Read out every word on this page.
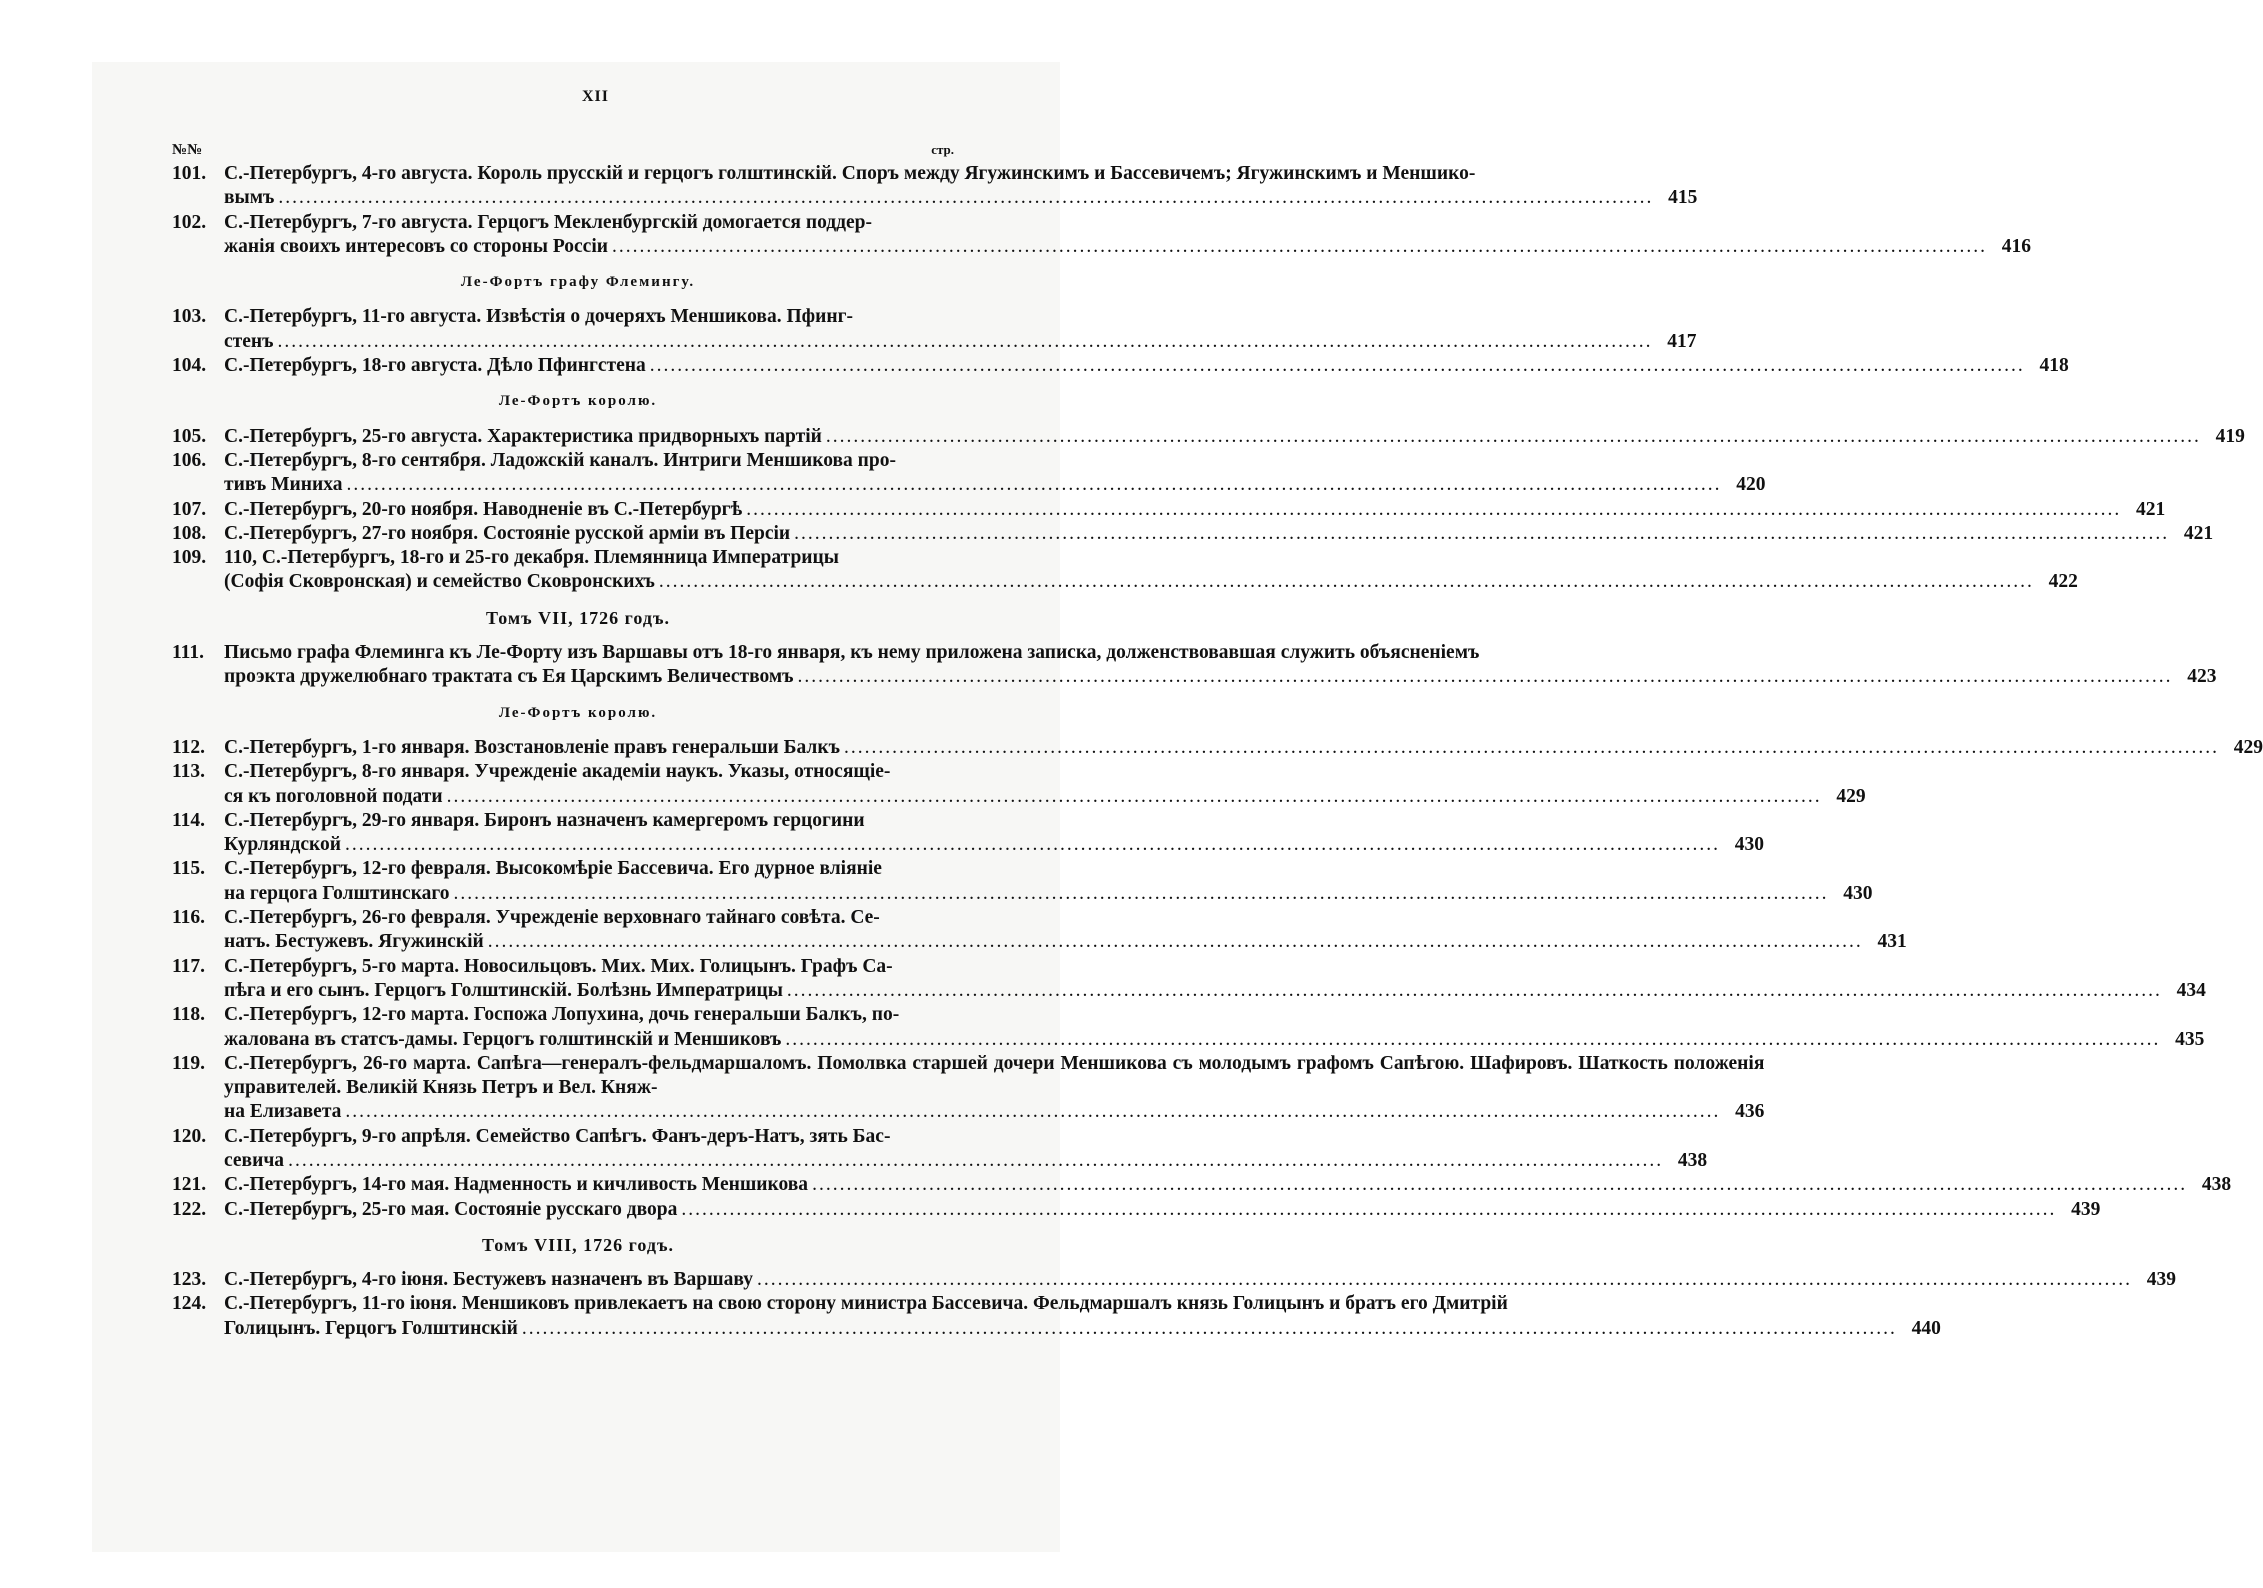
XII
№№	стр.
101. С.-Петербургъ, 4-го августа. Король прусскій и герцогъ голштинскій. Споръ между Ягужинскимъ и Бассевичемъ; Ягужинскимъ и Меншико-
вымъ ........................................................................................................................................................................................................ 415
102. С.-Петербургъ, 7-го августа. Герцогъ Мекленбургскій домогается поддер-
жанія своихъ интересовъ со стороны Россіи ........................................................................................................................................................................................................ 416
Ле-Фортъ графу Флемингу.
103. С.-Петербургъ, 11-го августа. Извѣстія о дочеряхъ Меншикова. Пфинг-
стенъ ........................................................................................................................................................................................................ 417
104. С.-Петербургъ, 18-го августа. Дѣло Пфингстена ........................................................................................................................................................................................................ 418
Ле-Фортъ королю.
105. С.-Петербургъ, 25-го августа. Характеристика придворныхъ партій ........................................................................................................................................................................................................ 419
106. С.-Петербургъ, 8-го сентября. Ладожскій каналъ. Интриги Меншикова про-
тивъ Миниха ........................................................................................................................................................................................................ 420
107. С.-Петербургъ, 20-го ноября. Наводненіе въ С.-Петербургѣ ........................................................................................................................................................................................................ 421
108. С.-Петербургъ, 27-го ноября. Состояніе русской арміи въ Персіи ........................................................................................................................................................................................................ 421
109. 110, С.-Петербургъ, 18-го и 25-го декабря. Племянница Императрицы
(Софія Сковронская) и семейство Сковронскихъ ........................................................................................................................................................................................................ 422
Томъ VII, 1726 годъ.
111.	Письмо графа Флеминга къ Ле-Форту изъ Варшавы отъ 18-го января, къ нему приложена записка, долженствовавшая служить объясненіемъ
проэкта дружелюбнаго трактата съ Ея Царскимъ Величествомъ ........................................................................................................................................................................................................ 423
Ле-Фортъ королю.
112. С.-Петербургъ, 1-го января. Возстановленіе правъ генеральши Балкъ ........................................................................................................................................................................................................ 429
113. С.-Петербургъ, 8-го января. Учрежденіе академіи наукъ. Указы, относящіе-
ся къ поголовной подати ........................................................................................................................................................................................................ 429
114. С.-Петербургъ, 29-го января. Биронъ назначенъ камергеромъ герцогини
Курляндской ........................................................................................................................................................................................................ 430
115. С.-Петербургъ, 12-го февраля. Высокомѣріе Бассевича. Его дурное вліяніе
на герцога Голштинскаго ........................................................................................................................................................................................................ 430
116. С.-Петербургъ, 26-го февраля. Учрежденіе верховнаго тайнаго совѣта. Се-
натъ. Бестужевъ. Ягужинскій ........................................................................................................................................................................................................ 431
117. С.-Петербургъ, 5-го марта. Новосильцовъ. Мих. Мих. Голицынъ. Графъ Са-
пѣга и его сынъ. Герцогъ Голштинскій. Болѣзнь Императрицы ........................................................................................................................................................................................................ 434
118. С.-Петербургъ, 12-го марта. Госпожа Лопухина, дочь генеральши Балкъ, по-
жалована въ статсъ-дамы. Герцогъ голштинскій и Меншиковъ ........................................................................................................................................................................................................ 435
119. С.-Петербургъ, 26-го марта. Сапѣга—генералъ-фельдмаршаломъ. Помолвка старшей дочери Меншикова съ молодымъ графомъ Сапѣгою. Шафировъ. Шаткость положенія управителей. Великій Князь Петръ и Вел. Княж-
на Елизавета ........................................................................................................................................................................................................ 436
120. С.-Петербургъ, 9-го апрѣля. Семейство Сапѣгъ. Фанъ-деръ-Натъ, зять Бас-
севича ........................................................................................................................................................................................................ 438
121. С.-Петербургъ, 14-го мая. Надменность и кичливость Меншикова ........................................................................................................................................................................................................ 438
122. С.-Петербургъ, 25-го мая. Состояніе русскаго двора ........................................................................................................................................................................................................ 439
Томъ VIII, 1726 годъ.
123. С.-Петербургъ, 4-го іюня. Бестужевъ назначенъ въ Варшаву ........................................................................................................................................................................................................ 439
124. С.-Петербургъ, 11-го іюня. Меншиковъ привлекаетъ на свою сторону министра Бассевича. Фельдмаршалъ князь Голицынъ и братъ его Дмитрій
Голицынъ. Герцогъ Голштинскій ........................................................................................................................................................................................................ 440
